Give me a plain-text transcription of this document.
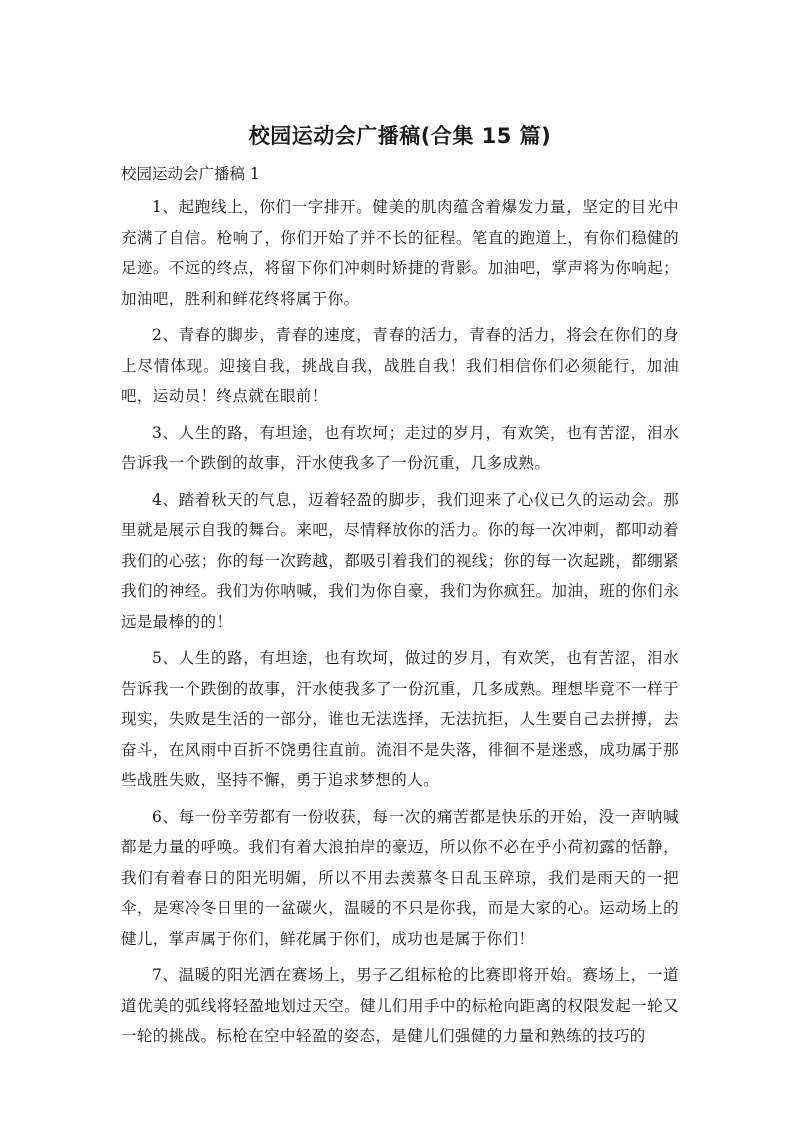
校园运动会广播稿(合集 15 篇)

校园运动会广播稿 1

1、起跑线上，你们一字排开。健美的肌肉蕴含着爆发力量，坚定的目光中充满了自信。枪响了，你们开始了并不长的征程。笔直的跑道上，有你们稳健的足迹。不远的终点，将留下你们冲刺时矫捷的背影。加油吧，掌声将为你响起；加油吧，胜利和鲜花终将属于你。

2、青春的脚步，青春的速度，青春的活力，青春的活力，将会在你们的身上尽情体现。迎接自我，挑战自我，战胜自我！我们相信你们必须能行，加油吧，运动员！终点就在眼前！

3、人生的路，有坦途，也有坎坷；走过的岁月，有欢笑，也有苦涩，泪水告诉我一个跌倒的故事，汗水使我多了一份沉重，几多成熟。

4、踏着秋天的气息，迈着轻盈的脚步，我们迎来了心仪已久的运动会。那里就是展示自我的舞台。来吧，尽情释放你的活力。你的每一次冲刺，都叩动着我们的心弦；你的每一次跨越，都吸引着我们的视线；你的每一次起跳，都绷紧我们的神经。我们为你呐喊，我们为你自豪，我们为你疯狂。加油，班的你们永远是最棒的的！

5、人生的路，有坦途，也有坎坷，做过的岁月，有欢笑，也有苦涩，泪水告诉我一个跌倒的故事，汗水使我多了一份沉重，几多成熟。理想毕竟不一样于现实，失败是生活的一部分，谁也无法选择，无法抗拒，人生要自己去拼搏，去奋斗，在风雨中百折不饶勇往直前。流泪不是失落，徘徊不是迷惑，成功属于那些战胜失败，坚持不懈，勇于追求梦想的人。

6、每一份辛劳都有一份收获，每一次的痛苦都是快乐的开始，没一声呐喊都是力量的呼唤。我们有着大浪拍岸的豪迈，所以你不必在乎小荷初露的恬静，我们有着春日的阳光明媚，所以不用去羡慕冬日乱玉碎琼，我们是雨天的一把伞，是寒冷冬日里的一盆碳火，温暖的不只是你我，而是大家的心。运动场上的健儿，掌声属于你们，鲜花属于你们，成功也是属于你们！

7、温暖的阳光洒在赛场上，男子乙组标枪的比赛即将开始。赛场上，一道道优美的弧线将轻盈地划过天空。健儿们用手中的标枪向距离的权限发起一轮又一轮的挑战。标枪在空中轻盈的姿态，是健儿们强健的力量和熟练的技巧的
